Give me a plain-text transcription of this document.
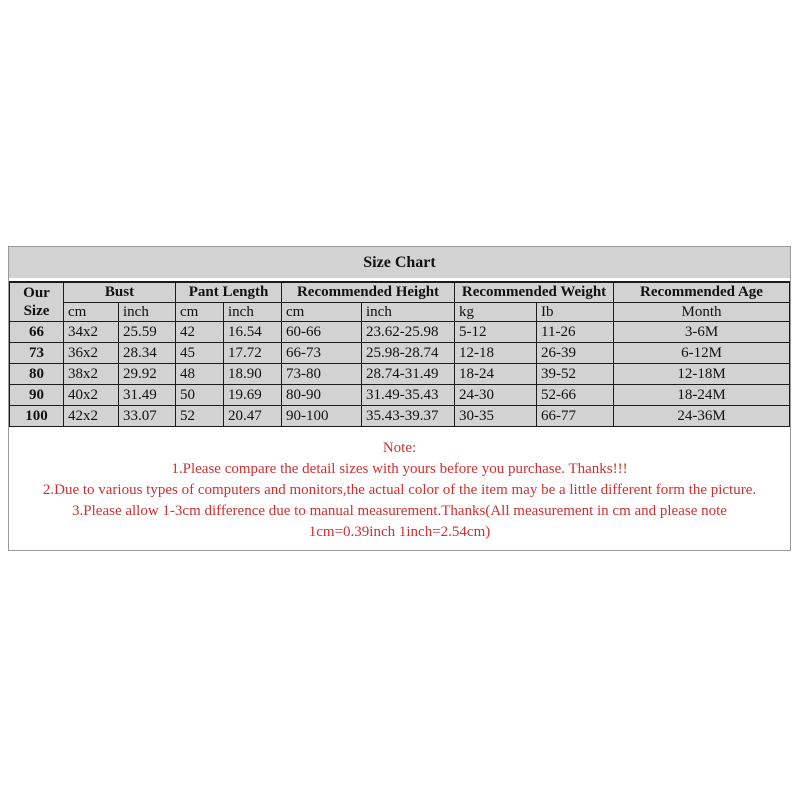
Size Chart
Our Size	Bust		Pant Length		Recommended Height		Recommended Weight		Recommended Age
	cm	inch	cm	inch	cm	inch	kg	Ib	Month
66	34x2	25.59	42	16.54	60-66	23.62-25.98	5-12	11-26	3-6M
73	36x2	28.34	45	17.72	66-73	25.98-28.74	12-18	26-39	6-12M
80	38x2	29.92	48	18.90	73-80	28.74-31.49	18-24	39-52	12-18M
90	40x2	31.49	50	19.69	80-90	31.49-35.43	24-30	52-66	18-24M
100	42x2	33.07	52	20.47	90-100	35.43-39.37	30-35	66-77	24-36M
Note:
1.Please compare the detail sizes with yours before you purchase. Thanks!!!
2.Due to various types of computers and monitors,the actual color of the item may be a little different form the picture.
3.Please allow 1-3cm difference due to manual measurement.Thanks(All measurement in cm and please note
1cm=0.39inch 1inch=2.54cm)
